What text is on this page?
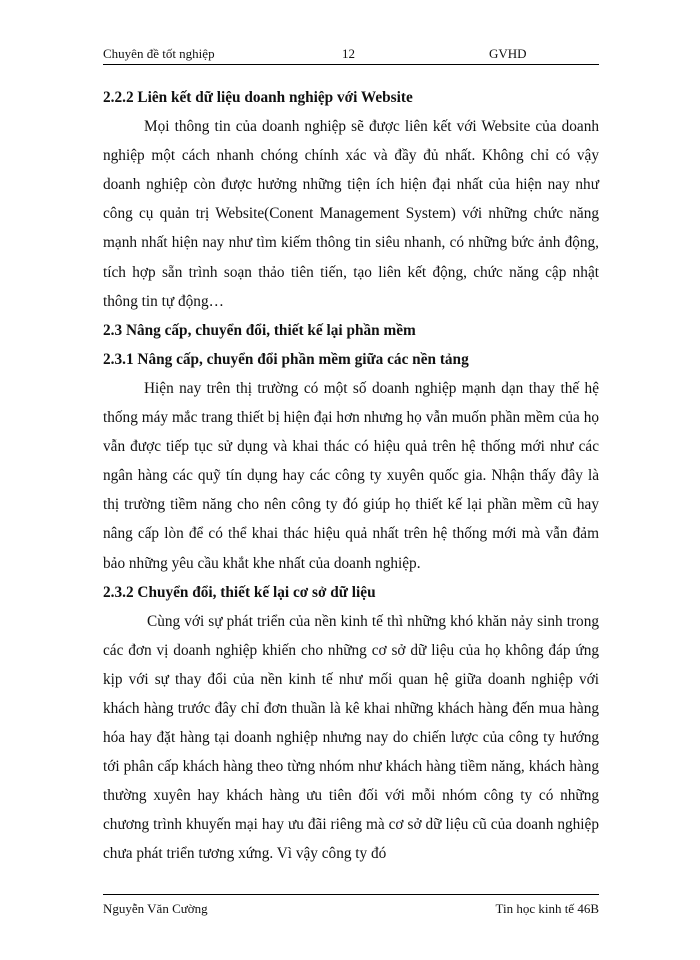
Chuyên đề tốt nghiệp	12	GVHD

2.2.2 Liên kết dữ liệu doanh nghiệp với Website

Mọi thông tin của doanh nghiệp sẽ được liên kết với Website của doanh nghiệp một cách nhanh chóng chính xác và đầy đủ nhất. Không chỉ có vậy doanh nghiệp còn được hưởng những tiện ích hiện đại nhất của hiện nay như công cụ quản trị Website(Conent Management System) với những chức năng mạnh nhất hiện nay như tìm kiếm thông tin siêu nhanh, có những bức ảnh động, tích hợp sẵn trình soạn thảo tiên tiến, tạo liên kết động, chức năng cập nhật thông tin tự động…

2.3 Nâng cấp, chuyển đổi, thiết kế lại phần mềm

2.3.1 Nâng cấp, chuyển đổi phần mềm giữa các nền tảng

Hiện nay trên thị trường có một số doanh nghiệp mạnh dạn thay thế hệ thống máy mắc trang thiết bị hiện đại hơn nhưng họ vẫn muốn phần mềm của họ vẫn được tiếp tục sử dụng và khai thác có hiệu quả trên hệ thống mới như các ngân hàng các quỹ tín dụng hay các công ty xuyên quốc gia. Nhận thấy đây là thị trường tiềm năng cho nên công ty đó giúp họ thiết kế lại phần mềm cũ hay nâng cấp lòn để có thể khai thác hiệu quả nhất trên hệ thống mới mà vẫn đảm bảo những yêu cầu khắt khe nhất của doanh nghiệp.

2.3.2 Chuyển đổi, thiết kế lại cơ sở dữ liệu

Cùng với sự phát triển của nền kinh tế thì những khó khăn nảy sinh trong các đơn vị doanh nghiệp khiến cho những cơ sở dữ liệu của họ không đáp ứng kịp với sự thay đổi của nền kinh tế như mối quan hệ giữa doanh nghiệp với khách hàng trước đây chỉ đơn thuần là kê khai những khách hàng đến mua hàng hóa hay đặt hàng tại doanh nghiệp nhưng nay do chiến lược của công ty hướng tới phân cấp khách hàng theo từng nhóm như khách hàng tiềm năng, khách hàng thường xuyên hay khách hàng ưu tiên đối với mỗi nhóm công ty có những chương trình khuyến mại hay ưu đãi riêng mà cơ sở dữ liệu cũ của doanh nghiệp chưa phát triển tương xứng. Vì vậy công ty đó

Nguyễn Văn Cường	Tin học kinh tế 46B
